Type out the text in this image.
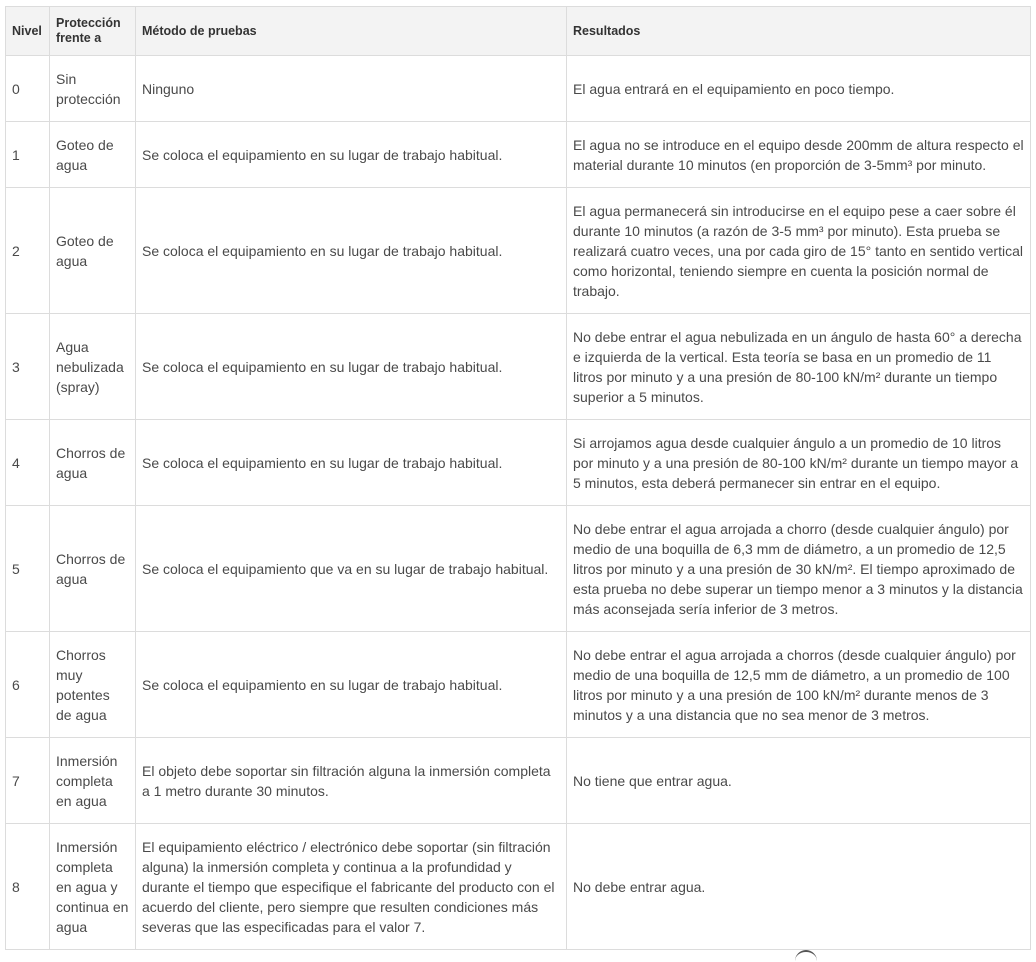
Nivel	Protección frente a	Método de pruebas	Resultados
0	Sin protección	Ninguno	El agua entrará en el equipamiento en poco tiempo.
1	Goteo de agua	Se coloca el equipamiento en su lugar de trabajo habitual.	El agua no se introduce en el equipo desde 200mm de altura respecto el material durante 10 minutos (en proporción de 3-5mm³ por minuto.
2	Goteo de agua	Se coloca el equipamiento en su lugar de trabajo habitual.	El agua permanecerá sin introducirse en el equipo pese a caer sobre él durante 10 minutos (a razón de 3-5 mm³ por minuto). Esta prueba se realizará cuatro veces, una por cada giro de 15° tanto en sentido vertical como horizontal, teniendo siempre en cuenta la posición normal de trabajo.
3	Agua nebulizada (spray)	Se coloca el equipamiento en su lugar de trabajo habitual.	No debe entrar el agua nebulizada en un ángulo de hasta 60° a derecha e izquierda de la vertical. Esta teoría se basa en un promedio de 11 litros por minuto y a una presión de 80-100 kN/m² durante un tiempo superior a 5 minutos.
4	Chorros de agua	Se coloca el equipamiento en su lugar de trabajo habitual.	Si arrojamos agua desde cualquier ángulo a un promedio de 10 litros por minuto y a una presión de 80-100 kN/m² durante un tiempo mayor a 5 minutos, esta deberá permanecer sin entrar en el equipo.
5	Chorros de agua	Se coloca el equipamiento que va en su lugar de trabajo habitual.	No debe entrar el agua arrojada a chorro (desde cualquier ángulo) por medio de una boquilla de 6,3 mm de diámetro, a un promedio de 12,5 litros por minuto y a una presión de 30 kN/m². El tiempo aproximado de esta prueba no debe superar un tiempo menor a 3 minutos y la distancia más aconsejada sería inferior de 3 metros.
6	Chorros muy potentes de agua	Se coloca el equipamiento en su lugar de trabajo habitual.	No debe entrar el agua arrojada a chorros (desde cualquier ángulo) por medio de una boquilla de 12,5 mm de diámetro, a un promedio de 100 litros por minuto y a una presión de 100 kN/m² durante menos de 3 minutos y a una distancia que no sea menor de 3 metros.
7	Inmersión completa en agua	El objeto debe soportar sin filtración alguna la inmersión completa a 1 metro durante 30 minutos.	No tiene que entrar agua.
8	Inmersión completa en agua y continua en agua	El equipamiento eléctrico / electrónico debe soportar (sin filtración alguna) la inmersión completa y continua a la profundidad y durante el tiempo que especifique el fabricante del producto con el acuerdo del cliente, pero siempre que resulten condiciones más severas que las especificadas para el valor 7.	No debe entrar agua.
